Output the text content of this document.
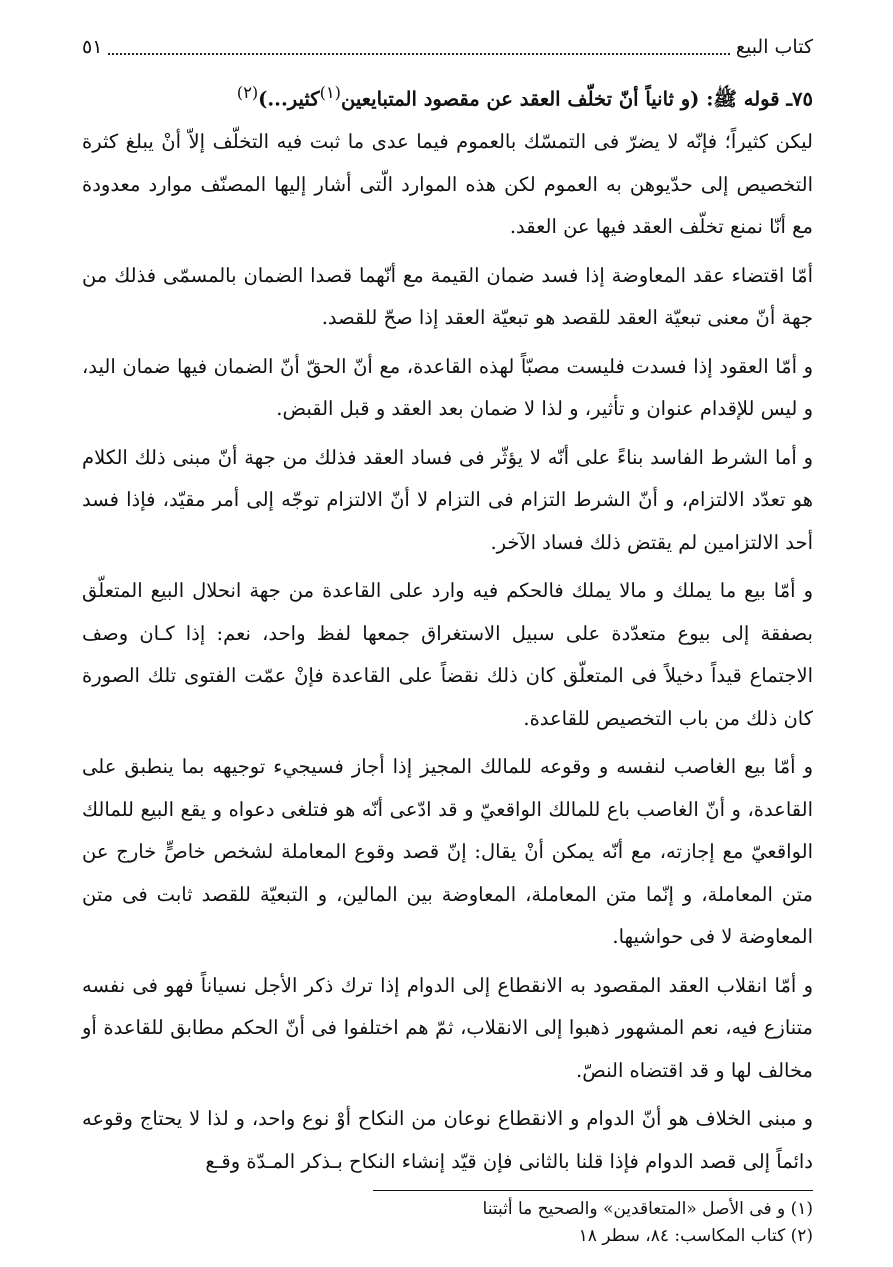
كتاب البيع
٥١

٧٥ـ قوله ﷺ: (و ثانياً أنّ تخلّف العقد عن مقصود المتبايعين$^{(١)}$كثير...)$^{(٢)}$

ليكن كثيراً؛ فإنّه لا يضرّ فى التمسّك بالعموم فيما عدى ما ثبت فيه التخلّف إلاّ أنْ يبلغ كثرة التخصيص إلى حدّيوهن به العموم لكن هذه الموارد الّتى أشار إليها المصنّف موارد معدودة مع أنّا نمنع تخلّف العقد فيها عن العقد.

أمّا اقتضاء عقد المعاوضة إذا فسد ضمان القيمة مع أنّهما قصدا الضمان بالمسمّى فذلك من جهة أنّ معنى تبعيّة العقد للقصد هو تبعيّة العقد إذا صحّ للقصد.

و أمّا العقود إذا فسدت فليست مصبّاً لهذه القاعدة، مع أنّ الحقّ أنّ الضمان فيها ضمان اليد، و ليس للإقدام عنوان و تأثير، و لذا لا ضمان بعد العقد و قبل القبض.

و أما الشرط الفاسد بناءً على أنّه لا يؤثّر فى فساد العقد فذلك من جهة أنّ مبنى ذلك الكلام هو تعدّد الالتزام، و أنّ الشرط التزام فى التزام لا أنّ الالتزام توجّه إلى أمر مقيّد، فإذا فسد أحد الالتزامين لم يقتض ذلك فساد الآخر.

و أمّا بيع ما يملك و مالا يملك فالحكم فيه وارد على القاعدة من جهة انحلال البيع المتعلّق بصفقة إلى بيوع متعدّدة على سبيل الاستغراق جمعها لفظ واحد، نعم: إذا كـان وصف الاجتماع قيداً دخيلاً فى المتعلّق كان ذلك نقضاً على القاعدة فإنْ عمّت الفتوى تلك الصورة كان ذلك من باب التخصيص للقاعدة.

و أمّا بيع الغاصب لنفسه و وقوعه للمالك المجيز إذا أجاز فسيجيء توجيهه بما ينطبق على القاعدة، و أنّ الغاصب باع للمالك الواقعيّ و قد ادّعى أنّه هو فتلغى دعواه و يقع البيع للمالك الواقعيّ مع إجازته، مع أنّه يمكن أنْ يقال: إنّ قصد وقوع المعاملة لشخص خاصٍّ خارج عن متن المعاملة، و إنّما متن المعاملة، المعاوضة بين المالين، و التبعيّة للقصد ثابت فى متن المعاوضة لا فى حواشيها.

و أمّا انقلاب العقد المقصود به الانقطاع إلى الدوام إذا ترك ذكر الأجل نسياناً فهو فى نفسه متنازع فيه، نعم المشهور ذهبوا إلى الانقلاب، ثمّ هم اختلفوا فى أنّ الحكم مطابق للقاعدة أو مخالف لها و قد اقتضاه النصّ.

و مبنى الخلاف هو أنّ الدوام و الانقطاع نوعان من النكاح أوْ نوع واحد، و لذا لا يحتاج وقوعه دائماً إلى قصد الدوام فإذا قلنا بالثانى فإن قيّد إنشاء النكاح بـذكر المـدّة وقـع

(١) و فى الأصل «المتعاقدين» والصحيح ما أثبتنا
(٢) كتاب المكاسب: ٨٤، سطر ١٨
